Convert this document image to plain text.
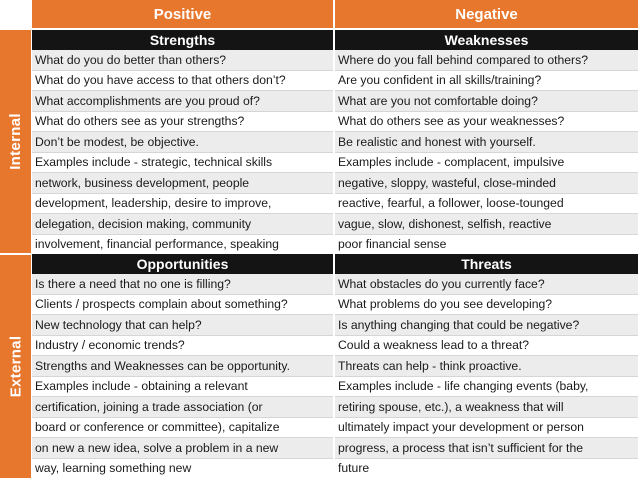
Positive	Negative
Internal
External
Strengths
What do you do better than others?
What do you have access to that others don’t?
What accomplishments are you proud of?
What do others see as your strengths?
Don’t be modest, be objective.
Examples include - strategic, technical skills
network, business development, people
development, leadership, desire to improve,
delegation, decision making, community
involvement, financial performance, speaking
Weaknesses
Where do you fall behind compared to others?
Are you confident in all skills/training?
What are you not comfortable doing?
What do others see as your weaknesses?
Be realistic and honest with yourself.
Examples include - complacent, impulsive
negative, sloppy, wasteful, close-minded
reactive, fearful, a follower, loose-tounged
vague, slow, dishonest, selfish, reactive
poor financial sense
Opportunities
Is there a need that no one is filling?
Clients / prospects complain about something?
New technology that can help?
Industry / economic trends?
Strengths and Weaknesses can be opportunity.
Examples include - obtaining a relevant
certification, joining a trade association (or
board or conference or committee), capitalize
on new a new idea, solve a problem in a new
way, learning something new
Threats
What obstacles do you currently face?
What problems do you see developing?
Is anything changing that could be negative?
Could a weakness lead to a threat?
Threats can help - think proactive.
Examples include - life changing events (baby,
retiring spouse, etc.), a weakness that will
ultimately impact your development or person
progress, a process that isn’t sufficient for the
future
